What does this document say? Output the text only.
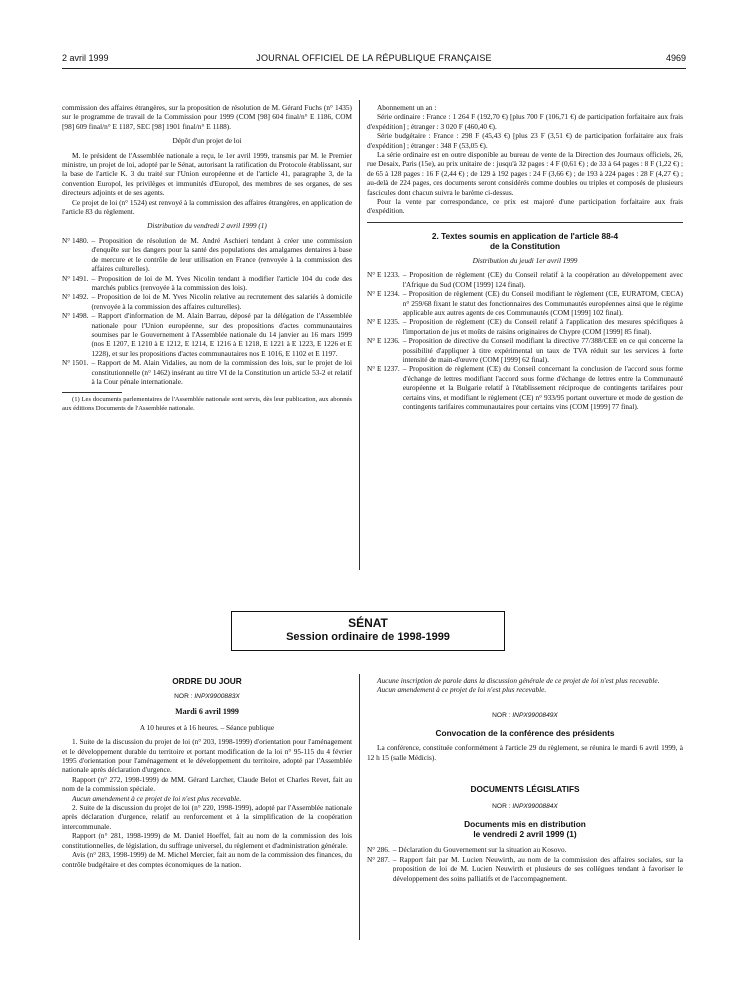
2 avril 1999	JOURNAL OFFICIEL DE LA RÉPUBLIQUE FRANÇAISE	4969

commission des affaires étrangères, sur la proposition de résolution de M. Gérard Fuchs (n° 1435) sur le programme de travail de la Commission pour 1999 (COM [98] 604 final/n° E 1186, COM [98] 609 final/n° E 1187, SEC [98] 1901 final/n° E 1188).

Dépôt d'un projet de loi

M. le président de l'Assemblée nationale a reçu, le 1er avril 1999, transmis par M. le Premier ministre, un projet de loi, adopté par le Sénat, autorisant la ratification du Protocole établissant, sur la base de l'article K. 3 du traité sur l'Union européenne et de l'article 41, paragraphe 3, de la convention Europol, les privilèges et immunités d'Europol, des membres de ses organes, de ses directeurs adjoints et de ses agents.

Ce projet de loi (n° 1524) est renvoyé à la commission des affaires étrangères, en application de l'article 83 du règlement.

Distribution du vendredi 2 avril 1999 (1)

N° 1480. – Proposition de résolution de M. André Aschieri tendant à créer une commission d'enquête sur les dangers pour la santé des populations des amalgames dentaires à base de mercure et le contrôle de leur utilisation en France (renvoyée à la commission des affaires culturelles).
N° 1491. – Proposition de loi de M. Yves Nicolin tendant à modifier l'article 104 du code des marchés publics (renvoyée à la commission des lois).
N° 1492. – Proposition de loi de M. Yves Nicolin relative au recrutement des salariés à domicile (renvoyée à la commission des affaires culturelles).
N° 1498. – Rapport d'information de M. Alain Barrau, déposé par la délégation de l'Assemblée nationale pour l'Union européenne, sur des propositions d'actes communautaires soumises par le Gouvernement à l'Assemblée nationale du 14 janvier au 16 mars 1999 (nos E 1207, E 1210 à E 1212, E 1214, E 1216 à E 1218, E 1221 à E 1223, E 1226 et E 1228), et sur les propositions d'actes communautaires nos E 1016, E 1102 et E 1197.
N° 1501. – Rapport de M. Alain Vidalies, au nom de la commission des lois, sur le projet de loi constitutionnelle (n° 1462) insérant au titre VI de la Constitution un article 53-2 et relatif à la Cour pénale internationale.

(1) Les documents parlementaires de l'Assemblée nationale sont servis, dès leur publication, aux abonnés aux éditions Documents de l'Assemblée nationale.

Abonnement un an :

Série ordinaire : France : 1 264 F (192,70 €) [plus 700 F (106,71 €) de participation forfaitaire aux frais d'expédition] ; étranger : 3 020 F (460,40 €).

Série budgétaire : France : 298 F (45,43 €) [plus 23 F (3,51 €) de participation forfaitaire aux frais d'expédition] ; étranger : 348 F (53,05 €).

La série ordinaire est en outre disponible au bureau de vente de la Direction des Journaux officiels, 26, rue Desaix, Paris (15e), au prix unitaire de : jusqu'à 32 pages : 4 F (0,61 €) ; de 33 à 64 pages : 8 F (1,22 €) ; de 65 à 128 pages : 16 F (2,44 €) ; de 129 à 192 pages : 24 F (3,66 €) ; de 193 à 224 pages : 28 F (4,27 €) ; au-delà de 224 pages, ces documents seront considérés comme doubles ou triples et composés de plusieurs fascicules dont chacun suivra le barème ci-dessus.

Pour la vente par correspondance, ce prix est majoré d'une participation forfaitaire aux frais d'expédition.

2. Textes soumis en application de l'article 88-4
de la Constitution

Distribution du jeudi 1er avril 1999

N° E 1233. – Proposition de règlement (CE) du Conseil relatif à la coopération au développement avec l'Afrique du Sud (COM [1999] 124 final).
N° E 1234. – Proposition de règlement (CE) du Conseil modifiant le règlement (CE, EURATOM, CECA) n° 259/68 fixant le statut des fonctionnaires des Communautés européennes ainsi que le régime applicable aux autres agents de ces Communautés (COM [1999] 102 final).
N° E 1235. – Proposition de règlement (CE) du Conseil relatif à l'application des mesures spécifiques à l'importation de jus et moûts de raisins originaires de Chypre (COM [1999] 85 final).
N° E 1236. – Proposition de directive du Conseil modifiant la directive 77/388/CEE en ce qui concerne la possibilité d'appliquer à titre expérimental un taux de TVA réduit sur les services à forte intensité de main-d'œuvre (COM [1999] 62 final).
N° E 1237. – Proposition de règlement (CE) du Conseil concernant la conclusion de l'accord sous forme d'échange de lettres modifiant l'accord sous forme d'échange de lettres entre la Communauté européenne et la Bulgarie relatif à l'établissement réciproque de contingents tarifaires pour certains vins, et modifiant le règlement (CE) n° 933/95 portant ouverture et mode de gestion de contingents tarifaires communautaires pour certains vins (COM [1999] 77 final).
SÉNAT
Session ordinaire de 1998-1999

ORDRE DU JOUR

NOR : INPX9900883X

Mardi 6 avril 1999

A 10 heures et à 16 heures. – Séance publique

1. Suite de la discussion du projet de loi (n° 203, 1998-1999) d'orientation pour l'aménagement et le développement durable du territoire et portant modification de la loi n° 95-115 du 4 février 1995 d'orientation pour l'aménagement et le développement du territoire, adopté par l'Assemblée nationale après déclaration d'urgence.

Rapport (n° 272, 1998-1999) de MM. Gérard Larcher, Claude Belot et Charles Revet, fait au nom de la commission spéciale.

Aucun amendement à ce projet de loi n'est plus recevable.

2. Suite de la discussion du projet de loi (n° 220, 1998-1999), adopté par l'Assemblée nationale après déclaration d'urgence, relatif au renforcement et à la simplification de la coopération intercommunale.

Rapport (n° 281, 1998-1999) de M. Daniel Hoeffel, fait au nom de la commission des lois constitutionnelles, de législation, du suffrage universel, du règlement et d'administration générale.

Avis (n° 283, 1998-1999) de M. Michel Mercier, fait au nom de la commission des finances, du contrôle budgétaire et des comptes économiques de la nation.

Aucune inscription de parole dans la discussion générale de ce projet de loi n'est plus recevable.

Aucun amendement à ce projet de loi n'est plus recevable.

NOR : INPX9900849X

Convocation de la conférence des présidents

La conférence, constituée conformément à l'article 29 du règlement, se réunira le mardi 6 avril 1999, à 12 h 15 (salle Médicis).

DOCUMENTS LÉGISLATIFS

NOR : INPX9900884X

Documents mis en distribution
le vendredi 2 avril 1999 (1)

N° 286. – Déclaration du Gouvernement sur la situation au Kosovo.
N° 287. – Rapport fait par M. Lucien Neuwirth, au nom de la commission des affaires sociales, sur la proposition de loi de M. Lucien Neuwirth et plusieurs de ses collègues tendant à favoriser le développement des soins palliatifs et de l'accompagnement.
